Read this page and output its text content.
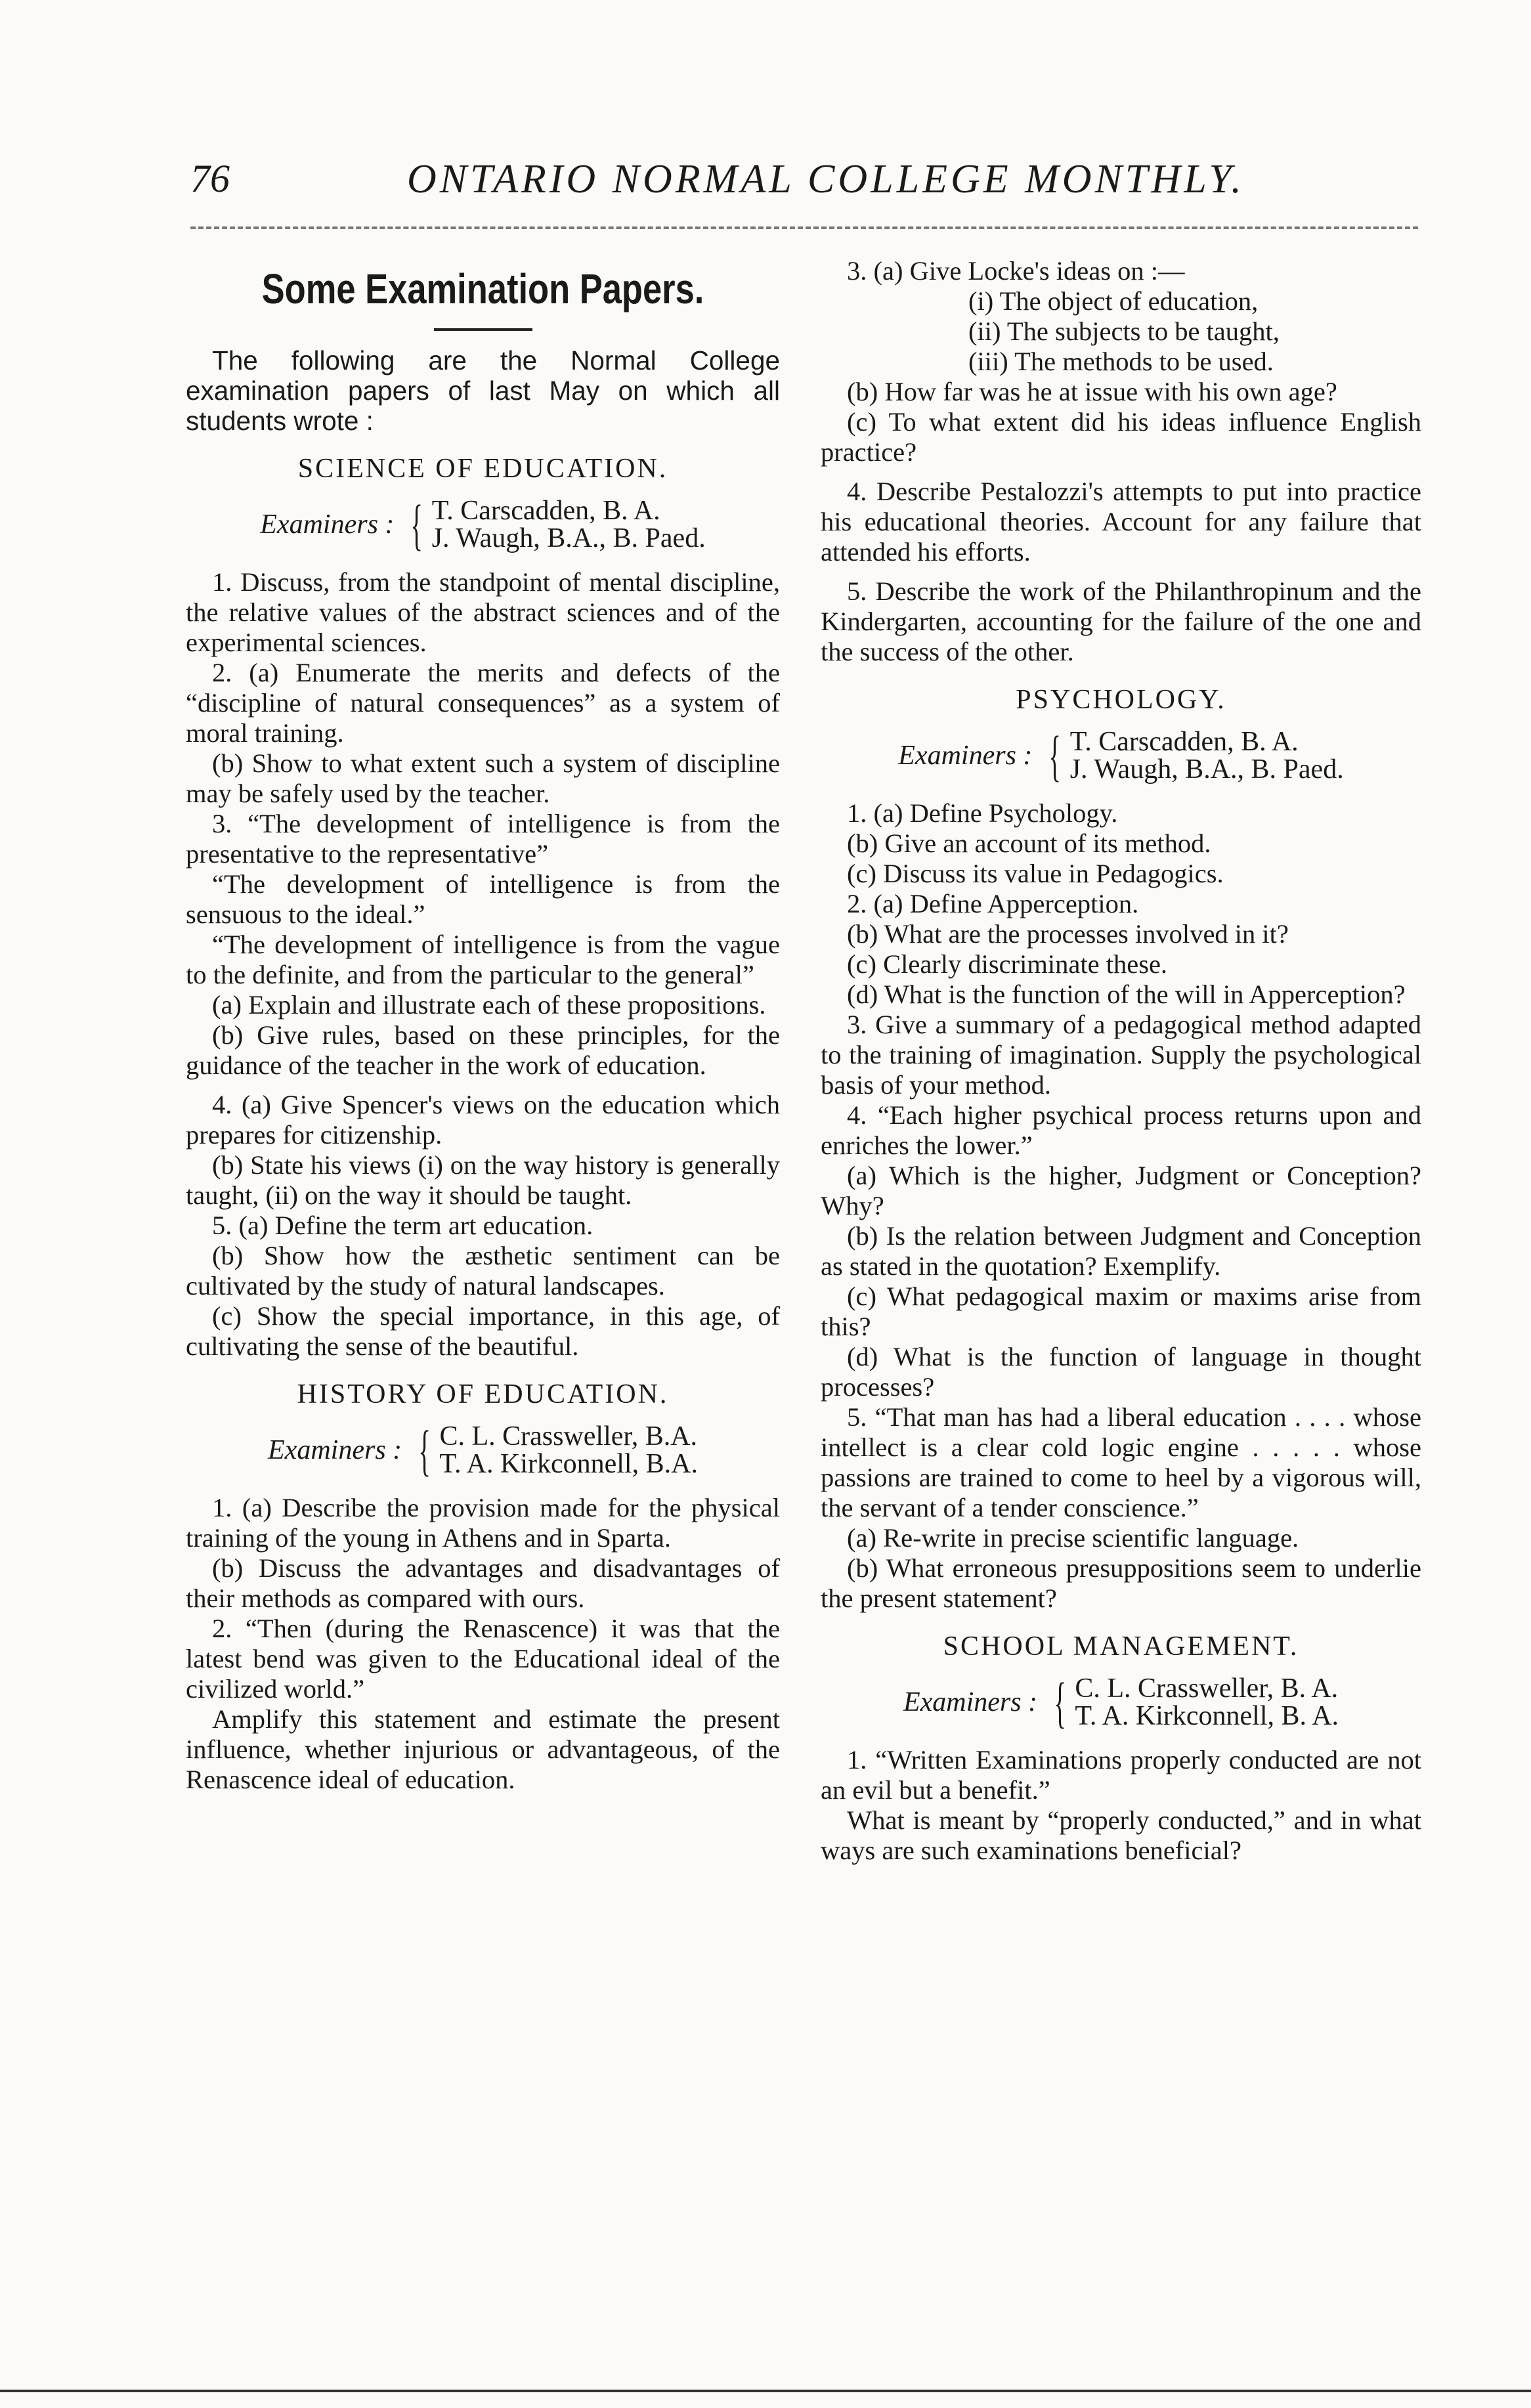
76	ONTARIO NORMAL COLLEGE MONTHLY.
Some Examination Papers.

The following are the Normal College examination papers of last May on which all students wrote :

SCIENCE OF EDUCATION.
Examiners : { T. Carscadden, B. A.
J. Waugh, B.A., B. Paed.

1. Discuss, from the standpoint of mental discipline, the relative values of the abstract sciences and of the experimental sciences.

2. (a) Enumerate the merits and defects of the “discipline of natural consequences” as a system of moral training.

(b) Show to what extent such a system of discipline may be safely used by the teacher.

3. “The development of intelligence is from the presentative to the representative”

“The development of intelligence is from the sensuous to the ideal.”

“The development of intelligence is from the vague to the definite, and from the particular to the general”

(a) Explain and illustrate each of these propositions.

(b) Give rules, based on these principles, for the guidance of the teacher in the work of education.

4. (a) Give Spencer's views on the education which prepares for citizenship.

(b) State his views (i) on the way history is generally taught, (ii) on the way it should be taught.

5. (a) Define the term art education.

(b) Show how the æsthetic sentiment can be cultivated by the study of natural landscapes.

(c) Show the special importance, in this age, of cultivating the sense of the beautiful.

HISTORY OF EDUCATION.
Examiners : { C. L. Crassweller, B.A.
T. A. Kirkconnell, B.A.

1. (a) Describe the provision made for the physical training of the young in Athens and in Sparta.

(b) Discuss the advantages and disadvantages of their methods as compared with ours.

2. “Then (during the Renascence) it was that the latest bend was given to the Educational ideal of the civilized world.”

Amplify this statement and estimate the present influence, whether injurious or advantageous, of the Renascence ideal of education.

3. (a) Give Locke's ideas on :—

(i) The object of education,

(ii) The subjects to be taught,

(iii) The methods to be used.

(b) How far was he at issue with his own age?

(c) To what extent did his ideas influence English practice?

4. Describe Pestalozzi's attempts to put into practice his educational theories. Account for any failure that attended his efforts.

5. Describe the work of the Philanthropinum and the Kindergarten, accounting for the failure of the one and the success of the other.

PSYCHOLOGY.
Examiners : { T. Carscadden, B. A.
J. Waugh, B.A., B. Paed.

1. (a) Define Psychology.

(b) Give an account of its method.

(c) Discuss its value in Pedagogics.

2. (a) Define Apperception.

(b) What are the processes involved in it?

(c) Clearly discriminate these.

(d) What is the function of the will in Apperception?

3. Give a summary of a pedagogical method adapted to the training of imagination. Supply the psychological basis of your method.

4. “Each higher psychical process returns upon and enriches the lower.”

(a) Which is the higher, Judgment or Conception? Why?

(b) Is the relation between Judgment and Conception as stated in the quotation? Exemplify.

(c) What pedagogical maxim or maxims arise from this?

(d) What is the function of language in thought processes?

5. “That man has had a liberal education . . . . whose intellect is a clear cold logic engine . . . . . whose passions are trained to come to heel by a vigorous will, the servant of a tender conscience.”

(a) Re-write in precise scientific language.

(b) What erroneous presuppositions seem to underlie the present statement?

SCHOOL MANAGEMENT.
Examiners : { C. L. Crassweller, B. A.
T. A. Kirkconnell, B. A.

1. “Written Examinations properly conducted are not an evil but a benefit.”

What is meant by “properly conducted,” and in what ways are such examinations beneficial?
